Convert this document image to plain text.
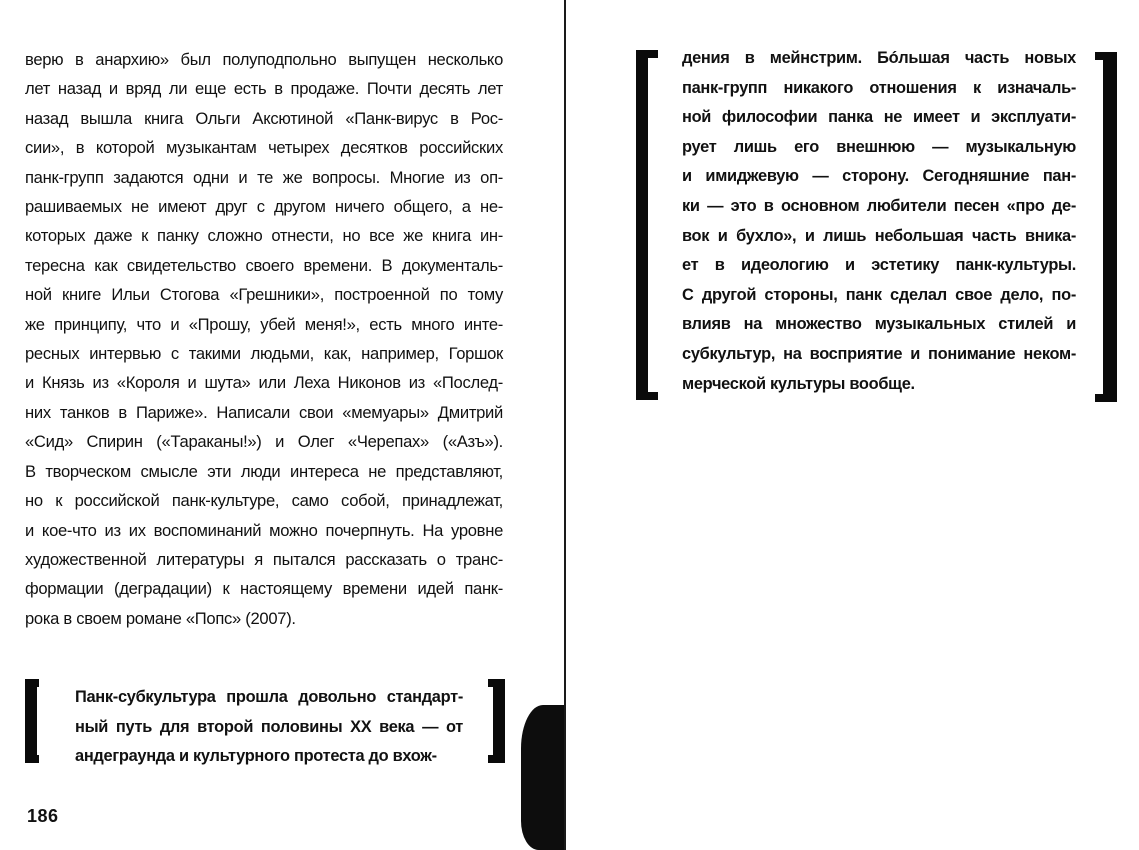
верю в анархию» был полуподпольно выпущен несколько
лет назад и вряд ли еще есть в продаже. Почти десять лет
назад вышла книга Ольги Аксютиной «Панк-вирус в Рос-
сии», в которой музыкантам четырех десятков российских
панк-групп задаются одни и те же вопросы. Многие из оп-
рашиваемых не имеют друг с другом ничего общего, а не-
которых даже к панку сложно отнести, но все же книга ин-
тересна как свидетельство своего времени. В документаль-
ной книге Ильи Стогова «Грешники», построенной по тому
же принципу, что и «Прошу, убей меня!», есть много инте-
ресных интервью с такими людьми, как, например, Горшок
и Князь из «Короля и шута» или Леха Никонов из «Послед-
них танков в Париже». Написали свои «мемуары» Дмитрий
«Сид» Спирин («Тараканы!») и Олег «Черепах» («Азъ»).
В творческом смысле эти люди интереса не представляют,
но к российской панк-культуре, само собой, принадлежат,
и кое-что из их воспоминаний можно почерпнуть. На уровне
художественной литературы я пытался рассказать о транс-
формации (деградации) к настоящему времени идей панк-
рока в своем романе «Попс» (2007).
Панк-субкультура прошла довольно стандарт-
ный путь для второй половины XX века — от
андеграунда и культурного протеста до вхож-
186
дения в мейнстрим. Бóльшая часть новых
панк-групп никакого отношения к изначаль-
ной философии панка не имеет и эксплуати-
рует лишь его внешнюю — музыкальную
и имиджевую — сторону. Сегодняшние пан-
ки — это в основном любители песен «про де-
вок и бухло», и лишь небольшая часть вника-
ет в идеологию и эстетику панк-культуры.
С другой стороны, панк сделал свое дело, по-
влияв на множество музыкальных стилей и
субкультур, на восприятие и понимание неком-
мерческой культуры вообще.
